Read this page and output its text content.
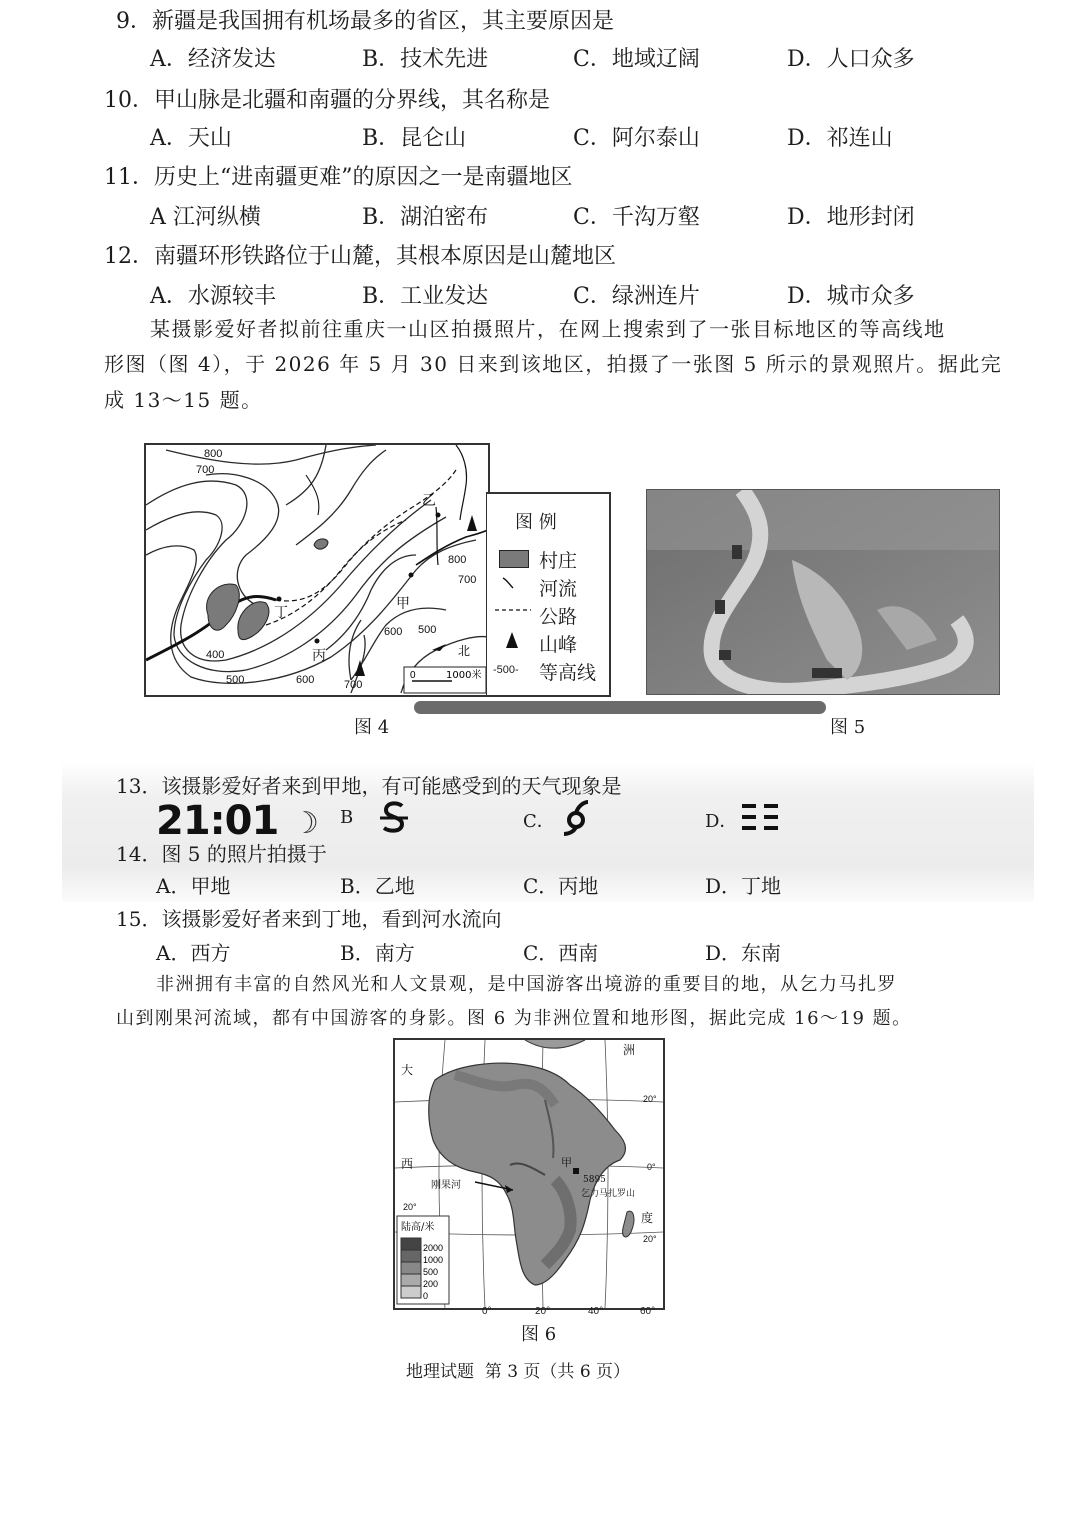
9．新疆是我国拥有机场最多的省区，其主要原因是
A．经济发达	B．技术先进	C．地域辽阔	D．人口众多
10．甲山脉是北疆和南疆的分界线，其名称是
A．天山	B．昆仑山	C．阿尔泰山	D．祁连山
11．历史上“进南疆更难”的原因之一是南疆地区
A 江河纵横	B．湖泊密布	C．千沟万壑	D．地形封闭
12．南疆环形铁路位于山麓，其根本原因是山麓地区
A．水源较丰	B．工业发达	C．绿洲连片	D．城市众多
某摄影爱好者拟前往重庆一山区拍摄照片，在网上搜索到了一张目标地区的等高线地
形图（图 4），于 2026 年 5 月 30 日来到该地区，拍摄了一张图 5 所示的景观照片。据此完
成 13～15 题。
800
700
800
700
600 500
400
500	600	700
乙
甲
丁
丙
0	1000米
北
图 例
村庄
河流
公路
山峰
-500- 等高线
图 4	图 5
13．该摄影爱好者来到甲地，有可能感受到的天气现象是
21:01 ☽ B	C．	D．
14．图 5 的照片拍摄于
A．甲地	B．乙地	C．丙地	D．丁地
15．该摄影爱好者来到丁地，看到河水流向
A．西方	B．南方	C．西南	D．东南
非洲拥有丰富的自然风光和人文景观，是中国游客出境游的重要目的地，从乞力马扎罗
山到刚果河流域，都有中国游客的身影。图 6 为非洲位置和地形图，据此完成 16～19 题。
大
西
度
洲
刚果河
甲
5895
乞力马扎罗山
20°
0°
20°
20°
陆高/米
2000
1000
500
200
0
0°	20°	40°	60°
图 6
地理试题  第 3 页（共 6 页）
